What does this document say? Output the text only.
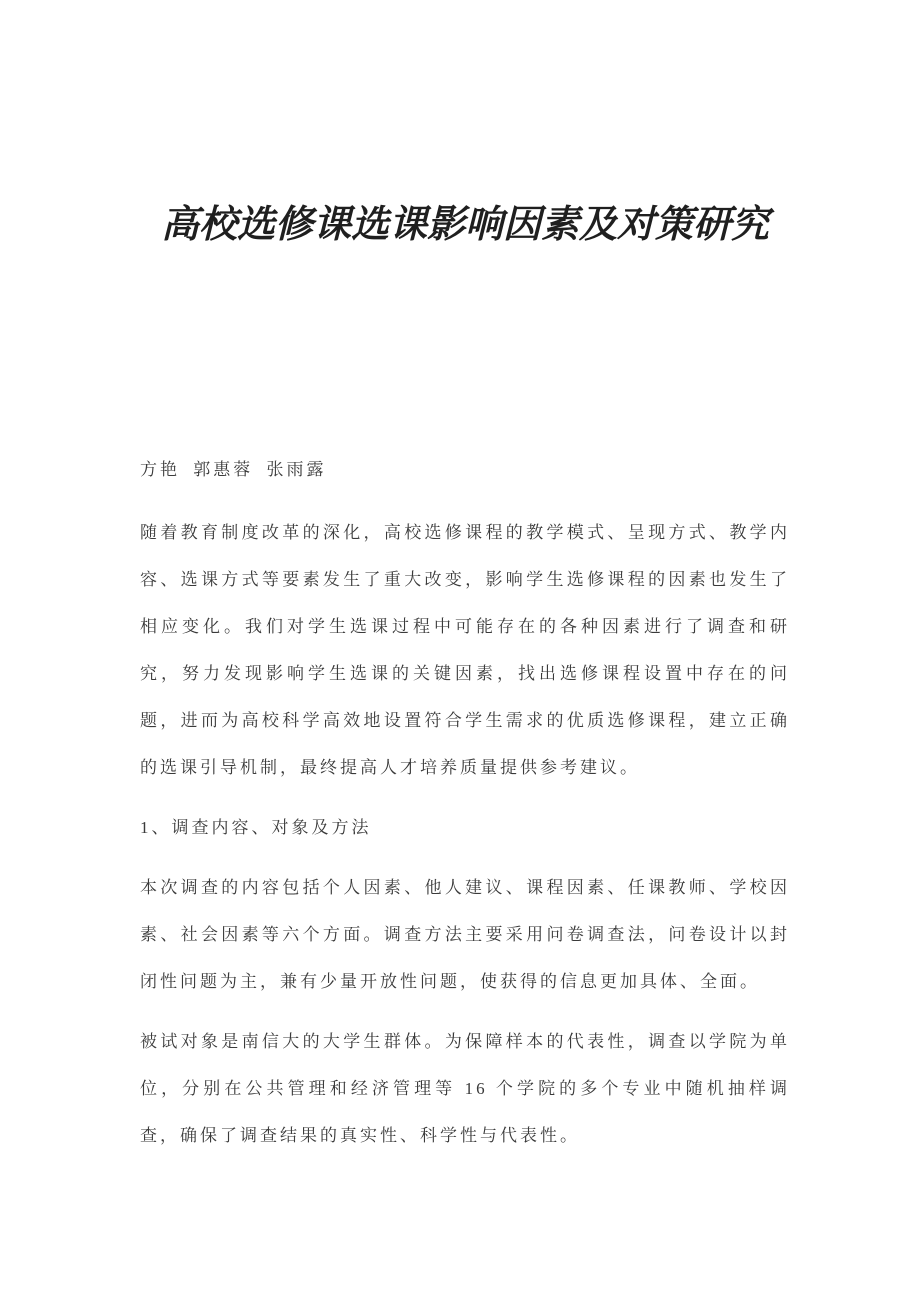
高校选修课选课影响因素及对策研究
方艳 郭惠蓉 张雨露

随着教育制度改革的深化，高校选修课程的教学模式、呈现方式、教学内容、选课方式等要素发生了重大改变，影响学生选修课程的因素也发生了相应变化。我们对学生选课过程中可能存在的各种因素进行了调查和研究，努力发现影响学生选课的关键因素，找出选修课程设置中存在的问题，进而为高校科学高效地设置符合学生需求的优质选修课程，建立正确的选课引导机制，最终提高人才培养质量提供参考建议。

1、调查内容、对象及方法

本次调查的内容包括个人因素、他人建议、课程因素、任课教师、学校因素、社会因素等六个方面。调查方法主要采用问卷调查法，问卷设计以封闭性问题为主，兼有少量开放性问题，使获得的信息更加具体、全面。

被试对象是南信大的大学生群体。为保障样本的代表性，调查以学院为单位，分别在公共管理和经济管理等 16 个学院的多个专业中随机抽样调查，确保了调查结果的真实性、科学性与代表性。
